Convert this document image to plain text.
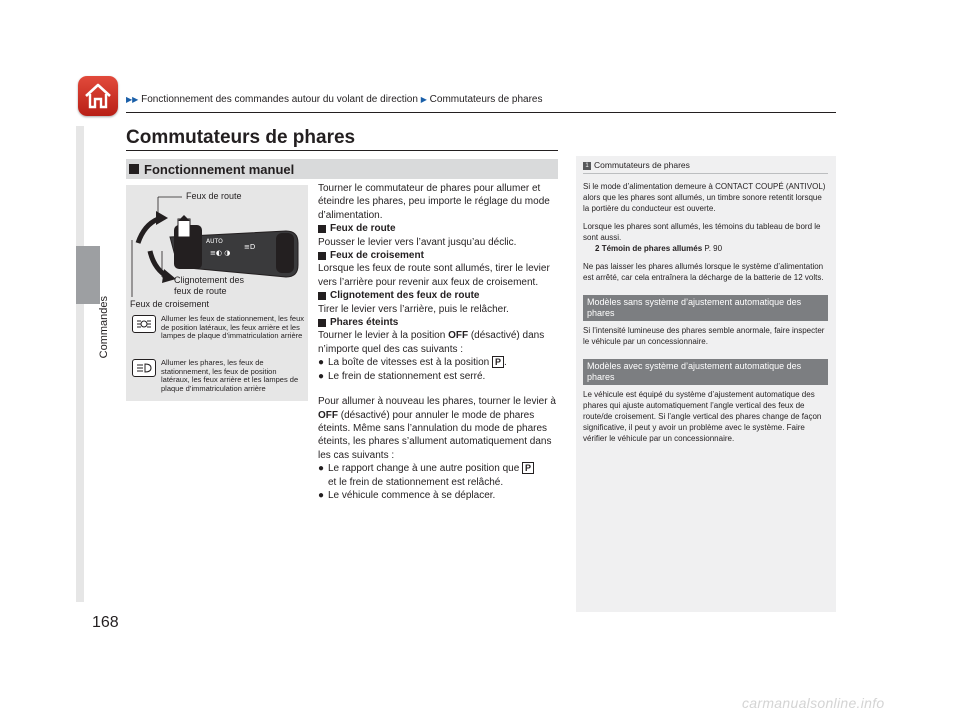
Commandes
▶▶ Fonctionnement des commandes autour du volant de direction ▶ Commutateurs de phares
Commutateurs de phares
Fonctionnement manuel
AUTO
≡◐ ◑
≡D
Feux de route
Clignotement des
feux de route
Feux de croisement
Allumer les feux de stationnement, les feux de position latéraux, les feux arrière et les lampes de plaque d’immatriculation arrière
Allumer les phares, les feux de stationnement, les feux de position latéraux, les feux arrière et les lampes de plaque d’immatriculation arrière

Tourner le commutateur de phares pour allumer et éteindre les phares, peu importe le réglage du mode d’alimentation.

Feux de route

Pousser le levier vers l’avant jusqu’au déclic.

Feux de croisement

Lorsque les feux de route sont allumés, tirer le levier vers l’arrière pour revenir aux feux de croisement.

Clignotement des feux de route

Tirer le levier vers l’arrière, puis le relâcher.

Phares éteints

Tourner le levier à la position OFF (désactivé) dans n’importe quel des cas suivants :

● La boîte de vitesses est à la position P .
● Le frein de stationnement est serré.

Pour allumer à nouveau les phares, tourner le levier à OFF (désactivé) pour annuler le mode de phares éteints. Même sans l’annulation du mode de phares éteints, les phares s’allument automatiquement dans les cas suivants :

● Le rapport change à une autre position que P
et le frein de stationnement est relâché.
● Le véhicule commence à se déplacer.
1 Commutateurs de phares

Si le mode d’alimentation demeure à CONTACT COUPÉ (ANTIVOL) alors que les phares sont allumés, un timbre sonore retentit lorsque la portière du conducteur est ouverte.

Lorsque les phares sont allumés, les témoins du tableau de bord le sont aussi.

2 Témoin de phares allumés P. 90

Ne pas laisser les phares allumés lorsque le système d’alimentation est arrêté, car cela entraînera la décharge de la batterie de 12 volts.

Modèles sans système d’ajustement automatique des phares

Si l’intensité lumineuse des phares semble anormale, faire inspecter le véhicule par un concessionnaire.

Modèles avec système d’ajustement automatique des phares

Le véhicule est équipé du système d’ajustement automatique des phares qui ajuste automatiquement l’angle vertical des feux de route/de croisement. Si l’angle vertical des phares change de façon significative, il peut y avoir un problème avec le système. Faire vérifier le véhicule par un concessionnaire.

168
carmanualsonline.info
